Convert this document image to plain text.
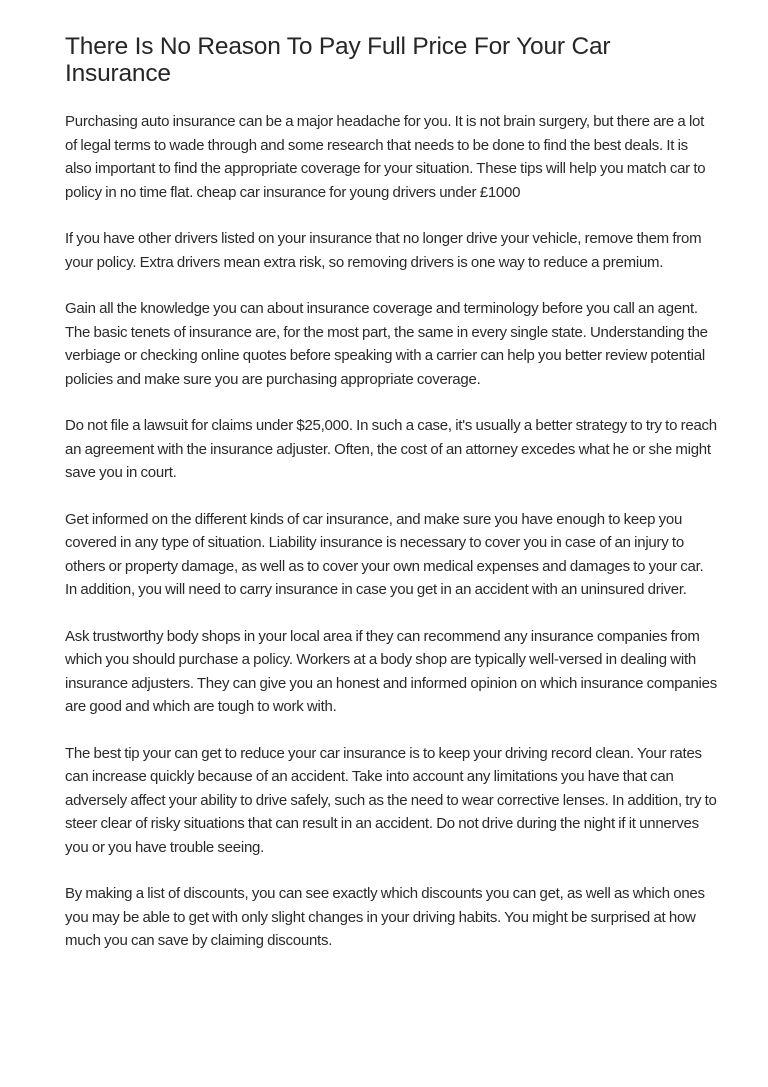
There Is No Reason To Pay Full Price For Your Car Insurance

Purchasing auto insurance can be a major headache for you. It is not brain surgery, but there are a lot of legal terms to wade through and some research that needs to be done to find the best deals. It is also important to find the appropriate coverage for your situation. These tips will help you match car to policy in no time flat. cheap car insurance for young drivers under £1000

If you have other drivers listed on your insurance that no longer drive your vehicle, remove them from your policy. Extra drivers mean extra risk, so removing drivers is one way to reduce a premium.

Gain all the knowledge you can about insurance coverage and terminology before you call an agent. The basic tenets of insurance are, for the most part, the same in every single state. Understanding the verbiage or checking online quotes before speaking with a carrier can help you better review potential policies and make sure you are purchasing appropriate coverage.

Do not file a lawsuit for claims under $25,000. In such a case, it's usually a better strategy to try to reach an agreement with the insurance adjuster. Often, the cost of an attorney excedes what he or she might save you in court.

Get informed on the different kinds of car insurance, and make sure you have enough to keep you covered in any type of situation. Liability insurance is necessary to cover you in case of an injury to others or property damage, as well as to cover your own medical expenses and damages to your car. In addition, you will need to carry insurance in case you get in an accident with an uninsured driver.

Ask trustworthy body shops in your local area if they can recommend any insurance companies from which you should purchase a policy. Workers at a body shop are typically well-versed in dealing with insurance adjusters. They can give you an honest and informed opinion on which insurance companies are good and which are tough to work with.

The best tip your can get to reduce your car insurance is to keep your driving record clean. Your rates can increase quickly because of an accident. Take into account any limitations you have that can adversely affect your ability to drive safely, such as the need to wear corrective lenses. In addition, try to steer clear of risky situations that can result in an accident. Do not drive during the night if it unnerves you or you have trouble seeing.

By making a list of discounts, you can see exactly which discounts you can get, as well as which ones you may be able to get with only slight changes in your driving habits. You might be surprised at how much you can save by claiming discounts.
